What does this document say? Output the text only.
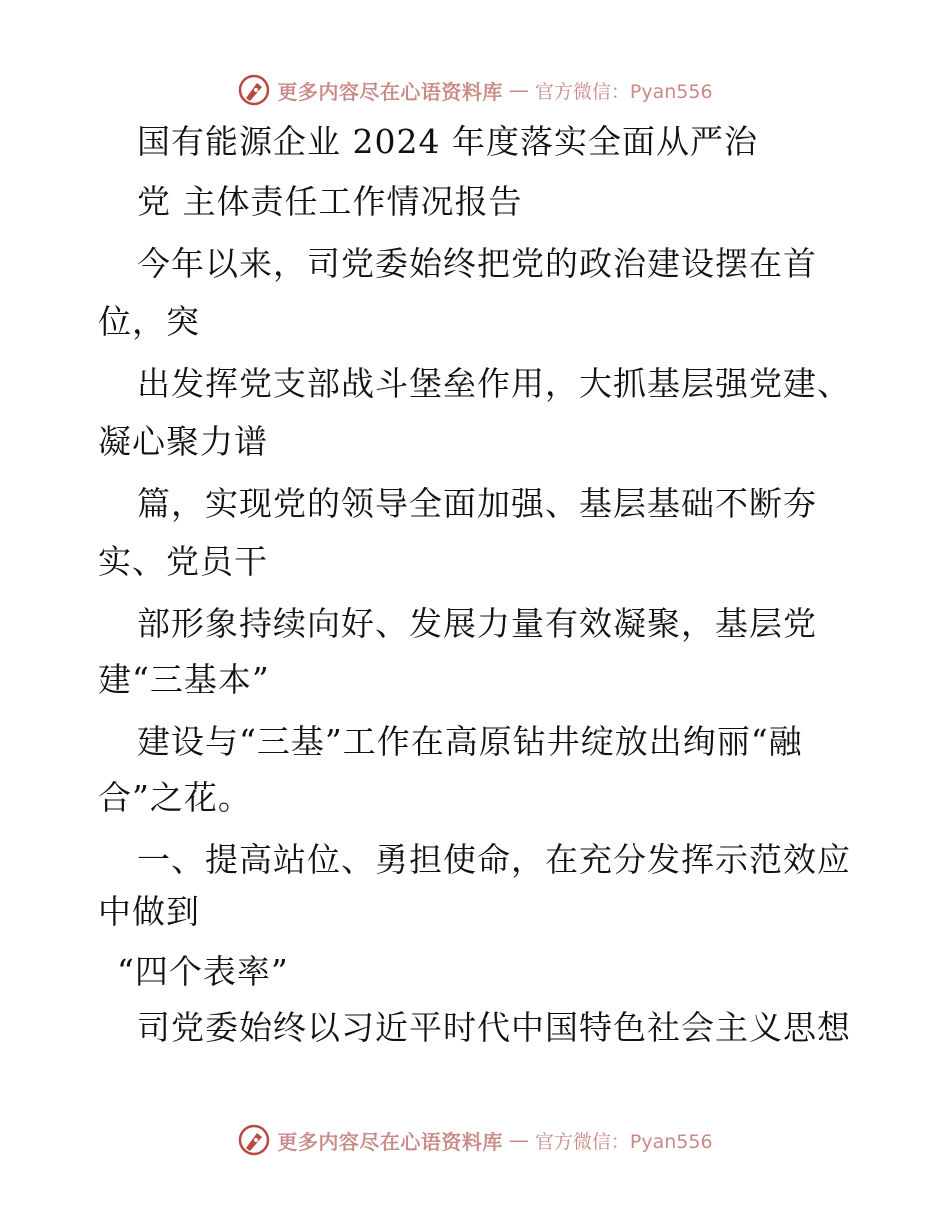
更多内容尽在心语资料库 — 官方微信：Pyan556
国有能源企业 2024 年度落实全面从严治
党 主体责任工作情况报告
今年以来，司党委始终把党的政治建设摆在首
位，突
出发挥党支部战斗堡垒作用，大抓基层强党建、
凝心聚力谱
篇，实现党的领导全面加强、基层基础不断夯
实、党员干
部形象持续向好、发展力量有效凝聚，基层党
建“三基本”
建设与“三基”工作在高原钻井绽放出绚丽“融
合”之花。
一、提高站位、勇担使命，在充分发挥示范效应
中做到
“四个表率”
司党委始终以习近平时代中国特色社会主义思想
更多内容尽在心语资料库 — 官方微信：Pyan556
